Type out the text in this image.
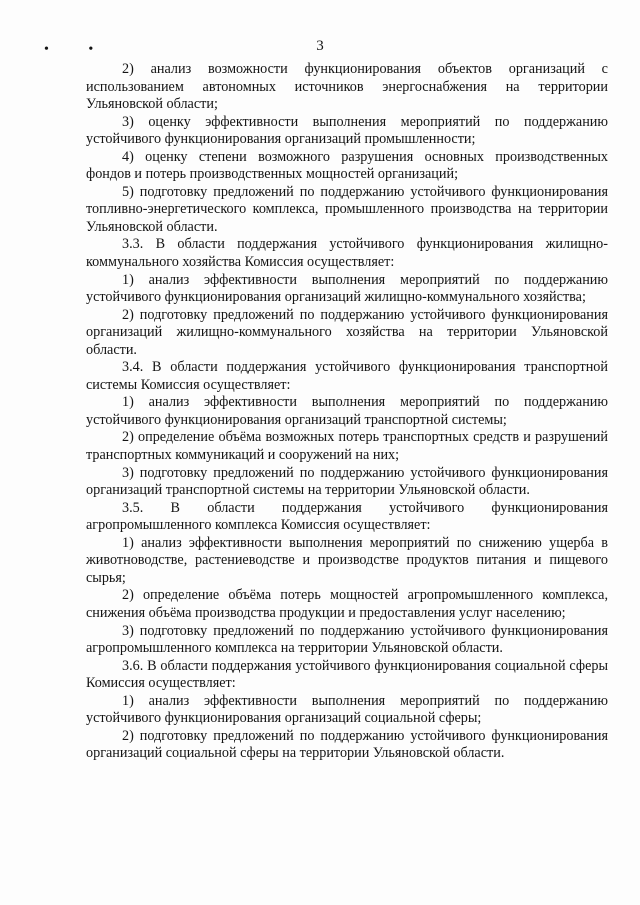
• •	3

2) анализ возможности функционирования объектов организаций с использованием автономных источников энергоснабжения на территории Ульяновской области;

3) оценку эффективности выполнения мероприятий по поддержанию устойчивого функционирования организаций промышленности;

4) оценку степени возможного разрушения основных производственных фондов и потерь производственных мощностей организаций;

5) подготовку предложений по поддержанию устойчивого функционирования топливно-энергетического комплекса, промышленного производства на территории Ульяновской области.

3.3. В области поддержания устойчивого функционирования жилищно-коммунального хозяйства Комиссия осуществляет:

1) анализ эффективности выполнения мероприятий по поддержанию устойчивого функционирования организаций жилищно-коммунального хозяйства;

2) подготовку предложений по поддержанию устойчивого функционирования организаций жилищно-коммунального хозяйства на территории Ульяновской области.

3.4. В области поддержания устойчивого функционирования транспортной системы Комиссия осуществляет:

1) анализ эффективности выполнения мероприятий по поддержанию устойчивого функционирования организаций транспортной системы;

2) определение объёма возможных потерь транспортных средств и разрушений транспортных коммуникаций и сооружений на них;

3) подготовку предложений по поддержанию устойчивого функционирования организаций транспортной системы на территории Ульяновской области.

3.5. В области поддержания устойчивого функционирования агропромышленного комплекса Комиссия осуществляет:

1) анализ эффективности выполнения мероприятий по снижению ущерба в животноводстве, растениеводстве и производстве продуктов питания и пищевого сырья;

2) определение объёма потерь мощностей агропромышленного комплекса, снижения объёма производства продукции и предоставления услуг населению;

3) подготовку предложений по поддержанию устойчивого функционирования агропромышленного комплекса на территории Ульяновской области.

3.6. В области поддержания устойчивого функционирования социальной сферы Комиссия осуществляет:

1) анализ эффективности выполнения мероприятий по поддержанию устойчивого функционирования организаций социальной сферы;

2) подготовку предложений по поддержанию устойчивого функционирования организаций социальной сферы на территории Ульяновской области.
